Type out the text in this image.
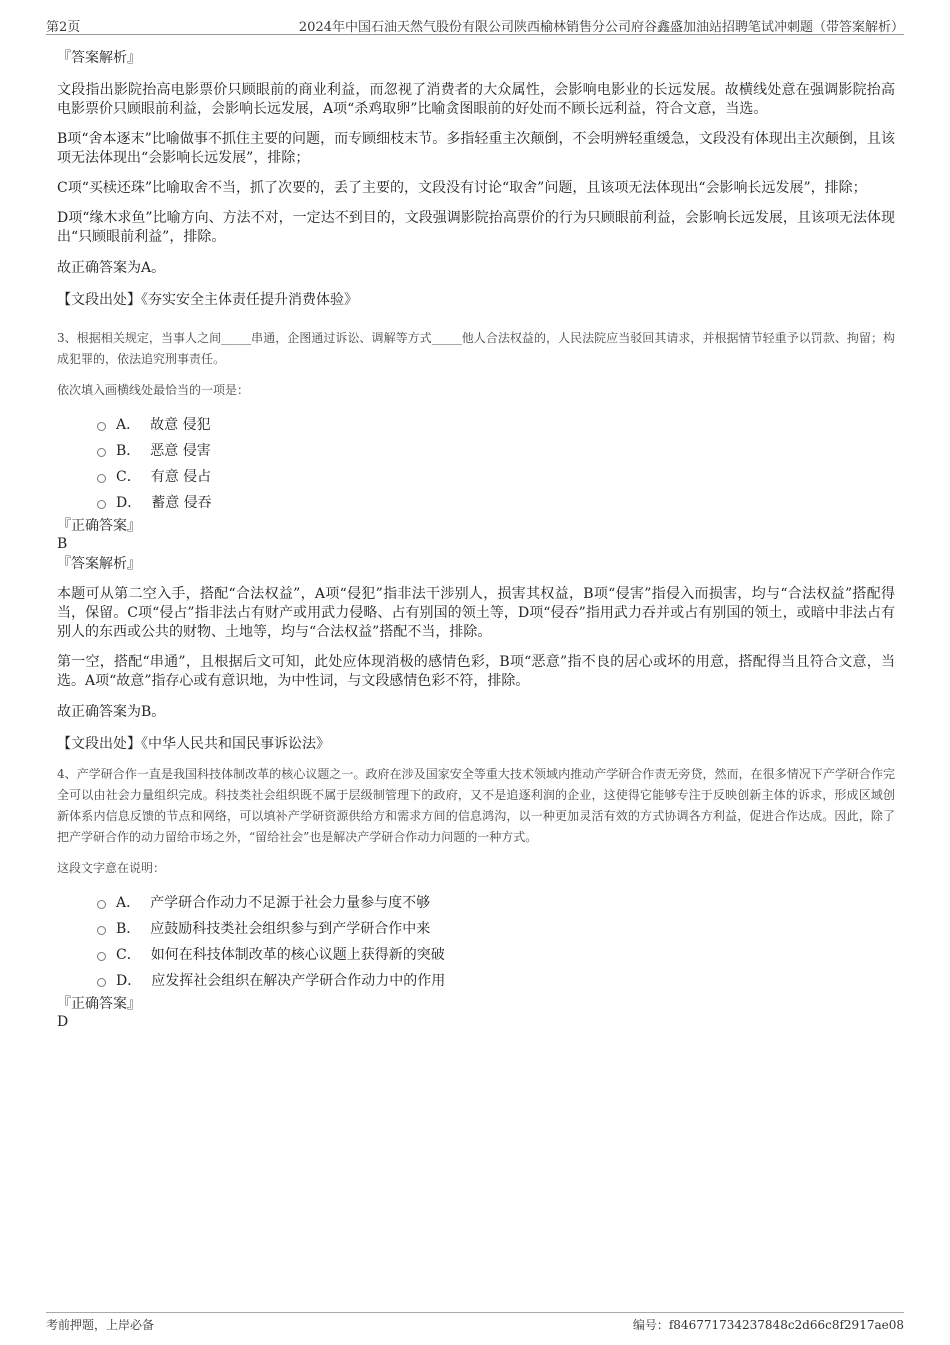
第2页	2024年中国石油天然气股份有限公司陕西榆林销售分公司府谷鑫盛加油站招聘笔试冲刺题（带答案解析）
『答案解析』

文段指出影院抬高电影票价只顾眼前的商业利益，而忽视了消费者的大众属性，会影响电影业的长远发展。故横线处意在强调影院抬高电影票价只顾眼前利益，会影响长远发展，A项“杀鸡取卵”比喻贪图眼前的好处而不顾长远利益，符合文意，当选。

B项“舍本逐末”比喻做事不抓住主要的问题，而专顾细枝末节。多指轻重主次颠倒，不会明辨轻重缓急，文段没有体现出主次颠倒，且该项无法体现出“会影响长远发展”，排除；

C项“买椟还珠”比喻取舍不当，抓了次要的，丢了主要的，文段没有讨论“取舍”问题，且该项无法体现出“会影响长远发展”，排除；

D项“缘木求鱼”比喻方向、方法不对，一定达不到目的，文段强调影院抬高票价的行为只顾眼前利益，会影响长远发展，且该项无法体现出“只顾眼前利益”，排除。

故正确答案为A。

【文段出处】《夯实安全主体责任提升消费体验》

3、根据相关规定，当事人之间_____串通，企图通过诉讼、调解等方式_____他人合法权益的，人民法院应当驳回其请求，并根据情节轻重予以罚款、拘留；构成犯罪的，依法追究刑事责任。

依次填入画横线处最恰当的一项是：

A． 故意 侵犯
B． 恶意 侵害
C． 有意 侵占
D． 蓄意 侵吞
『正确答案』
B
『答案解析』

本题可从第二空入手，搭配“合法权益”，A项“侵犯”指非法干涉别人，损害其权益，B项“侵害”指侵入而损害，均与“合法权益”搭配得当，保留。C项“侵占”指非法占有财产或用武力侵略、占有别国的领土等，D项“侵吞”指用武力吞并或占有别国的领土，或暗中非法占有别人的东西或公共的财物、土地等，均与“合法权益”搭配不当，排除。

第一空，搭配“串通”，且根据后文可知，此处应体现消极的感情色彩，B项“恶意”指不良的居心或坏的用意，搭配得当且符合文意，当选。A项“故意”指存心或有意识地，为中性词，与文段感情色彩不符，排除。

故正确答案为B。

【文段出处】《中华人民共和国民事诉讼法》

4、产学研合作一直是我国科技体制改革的核心议题之一。政府在涉及国家安全等重大技术领域内推动产学研合作责无旁贷，然而，在很多情况下产学研合作完全可以由社会力量组织完成。科技类社会组织既不属于层级制管理下的政府，又不是追逐利润的企业，这使得它能够专注于反映创新主体的诉求，形成区域创新体系内信息反馈的节点和网络，可以填补产学研资源供给方和需求方间的信息鸿沟，以一种更加灵活有效的方式协调各方利益，促进合作达成。因此，除了把产学研合作的动力留给市场之外，“留给社会”也是解决产学研合作动力问题的一种方式。

这段文字意在说明：

A． 产学研合作动力不足源于社会力量参与度不够
B． 应鼓励科技类社会组织参与到产学研合作中来
C． 如何在科技体制改革的核心议题上获得新的突破
D． 应发挥社会组织在解决产学研合作动力中的作用
『正确答案』
D
考前押题，上岸必备	编号：f846771734237848c2d66c8f2917ae08
